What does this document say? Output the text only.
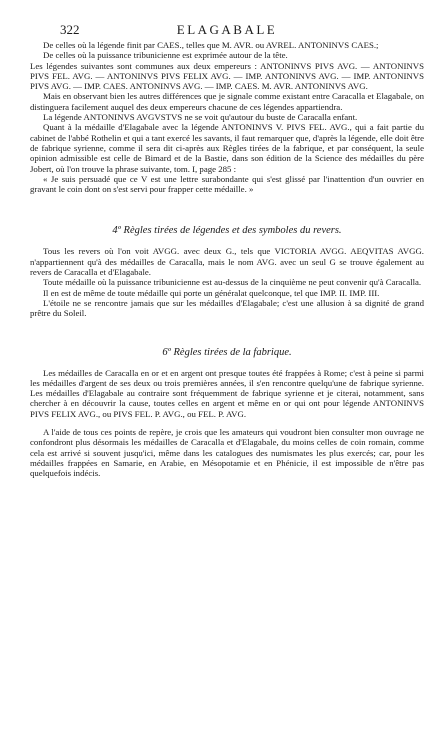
322	ELAGABALE

De celles où la légende finit par CAES., telles que M. AVR. ou AVREL. ANTONINVS CAES.;

De celles où la puissance tribunicienne est exprimée autour de la tête.

Les légendes suivantes sont communes aux deux empereurs : ANTONINVS PIVS AVG. — ANTONINVS PIVS FEL. AVG. — ANTONINVS PIVS FELIX AVG. — IMP. ANTONINVS AVG. — IMP. ANTONINVS PIVS AVG. — IMP. CAES. ANTONINVS AVG. — IMP. CAES. M. AVR. ANTONINVS AVG.

Mais en observant bien les autres différences que je signale comme existant entre Caracalla et Elagabale, on distinguera facilement auquel des deux empereurs chacune de ces légendes appartiendra.

La légende ANTONINVS AVGVSTVS ne se voit qu'autour du buste de Caracalla enfant.

Quant à la médaille d'Elagabale avec la légende ANTONINVS V. PIVS FEL. AVG., qui a fait partie du cabinet de l'abbé Rothelin et qui a tant exercé les savants, il faut remarquer que, d'après la légende, elle doit être de fabrique syrienne, comme il sera dit ci-après aux Règles tirées de la fabrique, et par conséquent, la seule opinion admissible est celle de Bimard et de la Bastie, dans son édition de la Science des médailles du père Jobert, où l'on trouve la phrase suivante, tom. I, page 285 :

« Je suis persuadé que ce V est une lettre surabondante qui s'est glissé par l'inattention d'un ouvrier en gravant le coin dont on s'est servi pour frapper cette médaille. »

4º Règles tirées de légendes et des symboles du revers.

Tous les revers où l'on voit AVGG. avec deux G., tels que VICTORIA AVGG. AEQVITAS AVGG. n'appartiennent qu'à des médailles de Caracalla, mais le nom AVG. avec un seul G se trouve également au revers de Caracalla et d'Elagabale.

Toute médaille où la puissance tribunicienne est au-dessus de la cinquième ne peut convenir qu'à Caracalla.

Il en est de même de toute médaille qui porte un généralat quelconque, tel que IMP. II. IMP. III.

L'étoile ne se rencontre jamais que sur les médailles d'Elagabale; c'est une allusion à sa dignité de grand prêtre du Soleil.

6º Règles tirées de la fabrique.

Les médailles de Caracalla en or et en argent ont presque toutes été frappées à Rome; c'est à peine si parmi les médailles d'argent de ses deux ou trois premières années, il s'en rencontre quelqu'une de fabrique syrienne. Les médailles d'Elagabale au contraire sont fréquemment de fabrique syrienne et je citerai, notamment, sans chercher à en découvrir la cause, toutes celles en argent et même en or qui ont pour légende ANTONINVS PIVS FELIX AVG., ou PIVS FEL. P. AVG., ou FEL. P. AVG.

A l'aide de tous ces points de repère, je crois que les amateurs qui voudront bien consulter mon ouvrage ne confondront plus désormais les médailles de Caracalla et d'Elagabale, du moins celles de coin romain, comme cela est arrivé si souvent jusqu'ici, même dans les catalogues des numismates les plus exercés; car, pour les médailles frappées en Samarie, en Arabie, en Mésopotamie et en Phénicie, il est impossible de n'être pas quelquefois indécis.
